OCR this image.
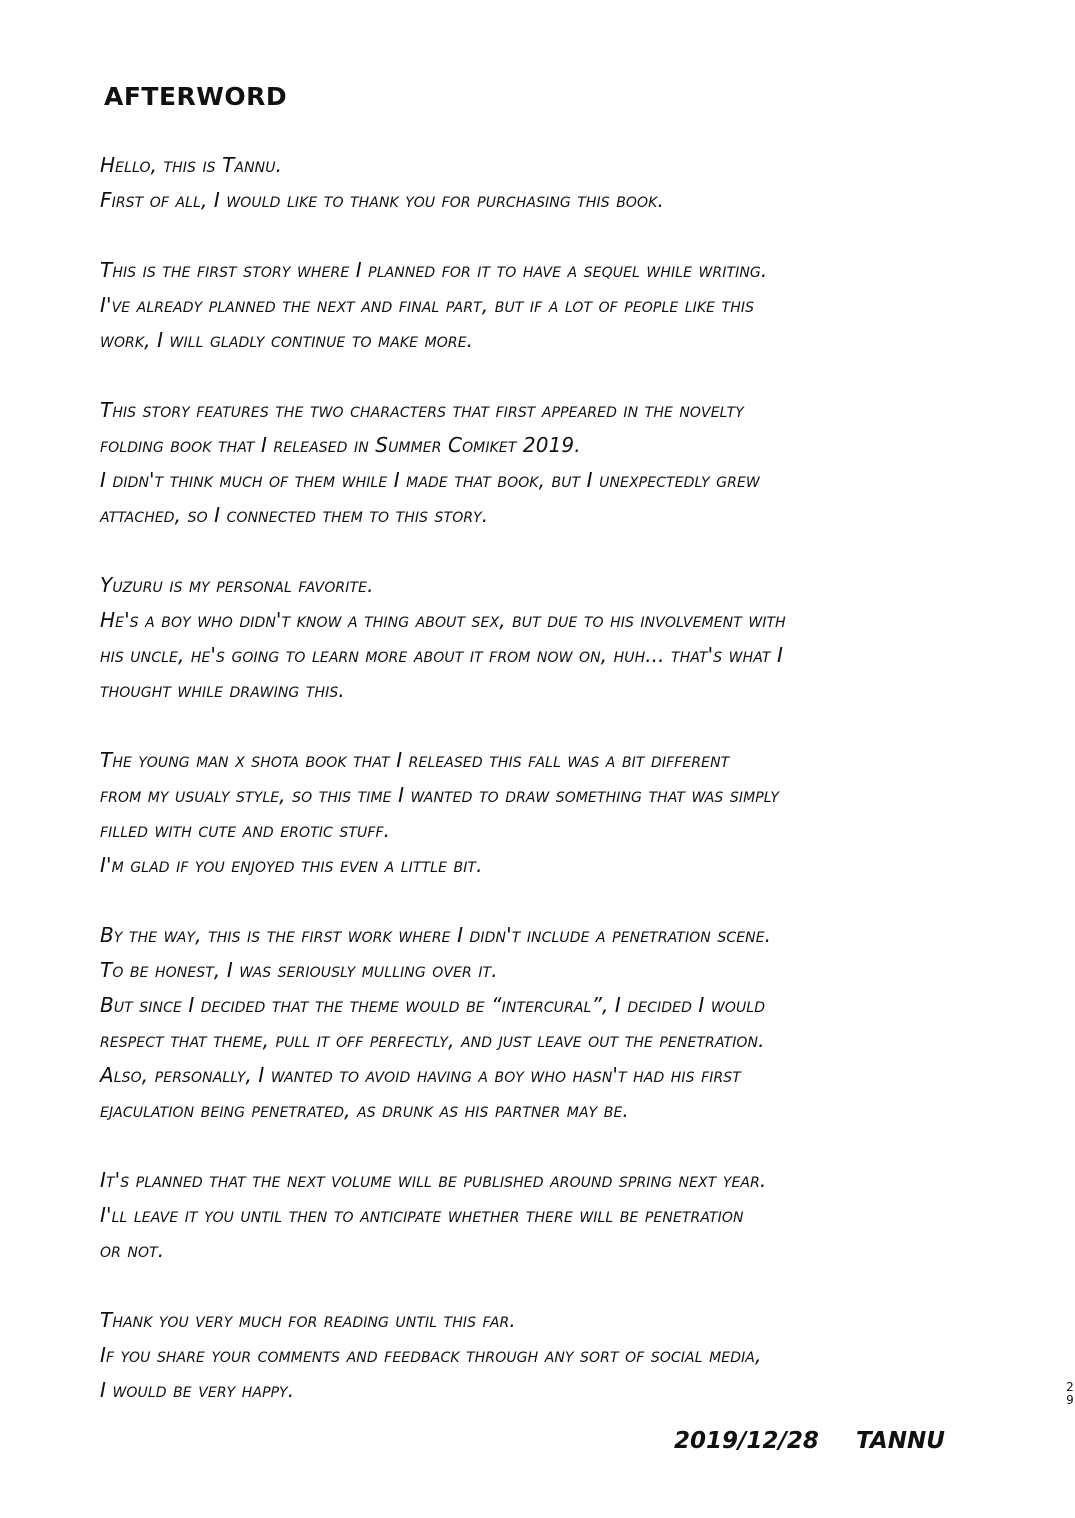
AFTERWORD
Hello, this is Tannu.
First of all, I would like to thank you for purchasing this book.
This is the first story where I planned for it to have a sequel while writing.
I've already planned the next and final part, but if a lot of people like this
work, I will gladly continue to make more.
This story features the two characters that first appeared in the novelty
folding book that I released in Summer Comiket 2019.
I didn't think much of them while I made that book, but I unexpectedly grew
attached, so I connected them to this story.
Yuzuru is my personal favorite.
He's a boy who didn't know a thing about sex, but due to his involvement with
his uncle, he's going to learn more about it from now on, huh... that's what I
thought while drawing this.
The young man x shota book that I released this fall was a bit different
from my usualy style, so this time I wanted to draw something that was simply
filled with cute and erotic stuff.
I'm glad if you enjoyed this even a little bit.
By the way, this is the first work where I didn't include a penetration scene.
To be honest, I was seriously mulling over it.
But since I decided that the theme would be “intercural”, I decided I would
respect that theme, pull it off perfectly, and just leave out the penetration.
Also, personally, I wanted to avoid having a boy who hasn't had his first
ejaculation being penetrated, as drunk as his partner may be.
It's planned that the next volume will be published around spring next year.
I'll leave it you until then to anticipate whether there will be penetration
or not.
Thank you very much for reading until this far.
If you share your comments and feedback through any sort of social media,
I would be very happy.	29
2019/12/28 TANNU
